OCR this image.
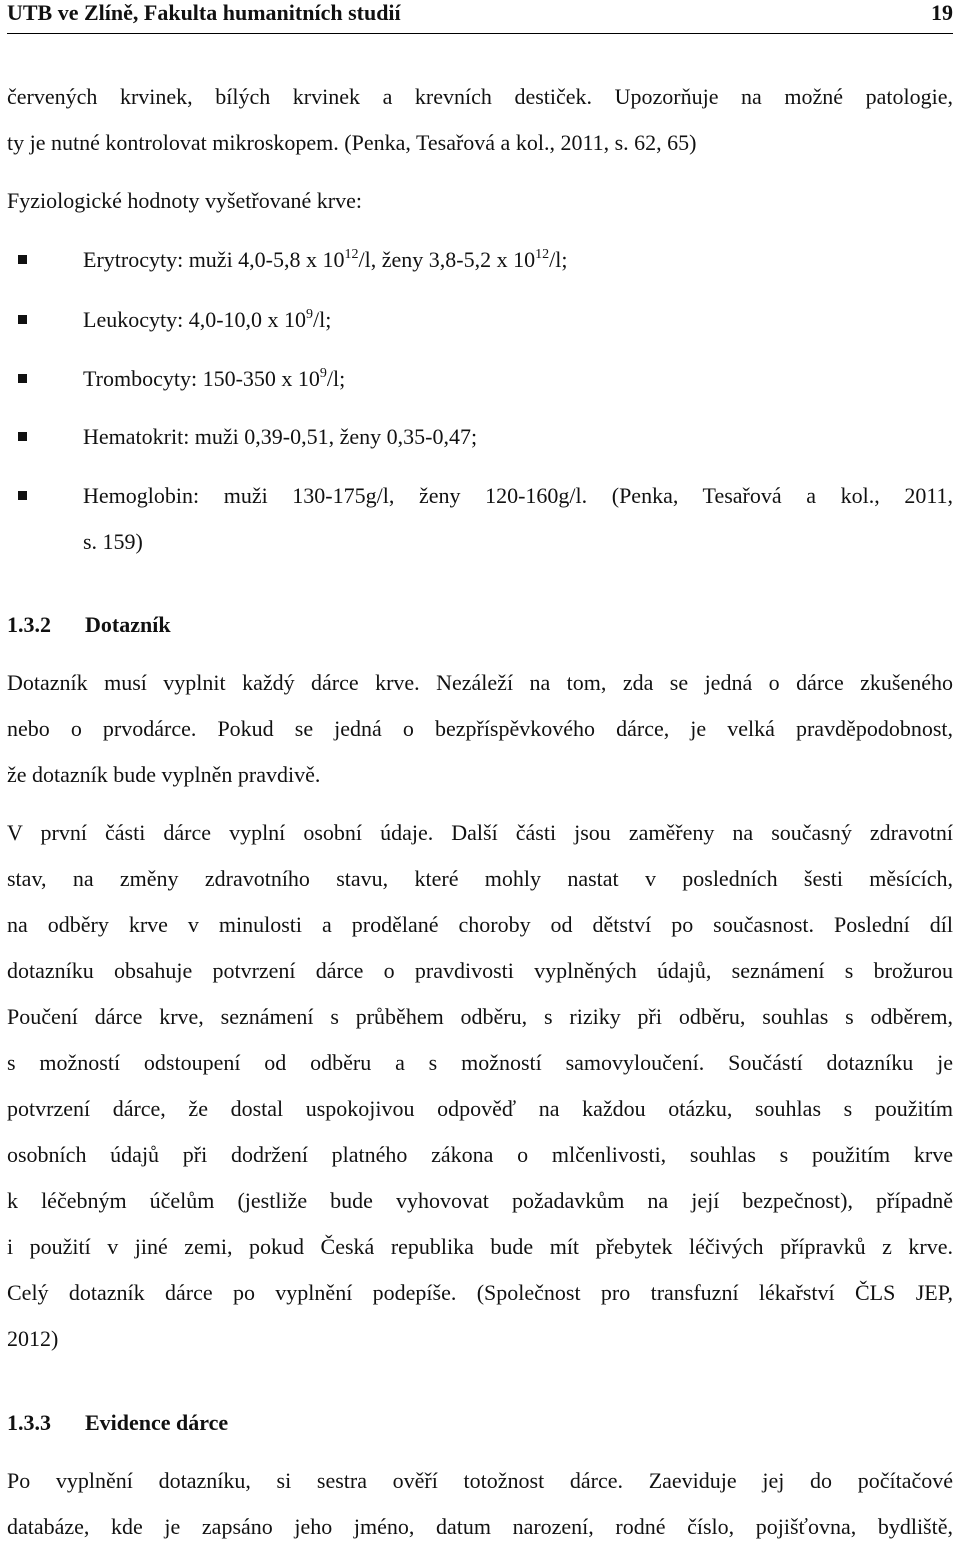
UTB ve Zlíně, Fakulta humanitních studií	19
červených krvinek, bílých krvinek a krevních destiček. Upozorňuje na možné patologie,
ty je nutné kontrolovat mikroskopem. (Penka, Tesařová a kol., 2011, s. 62, 65)
Fyziologické hodnoty vyšetřované krve:
Erytrocyty: muži 4,0-5,8 x $10^{12}/l$, ženy 3,8-5,2 x $10^{12}/l$;
Leukocyty: 4,0-10,0 x $10^9/l$;
Trombocyty: 150-350 x $10^9/l$;
Hematokrit: muži 0,39-0,51, ženy 0,35-0,47;
Hemoglobin: muži 130-175g/l, ženy 120-160g/l. (Penka, Tesařová a kol., 2011,
s. 159)
1.3.2 Dotazník
Dotazník musí vyplnit každý dárce krve. Nezáleží na tom, zda se jedná o dárce zkušeného
nebo o prvodárce. Pokud se jedná o bezpříspěvkového dárce, je velká pravděpodobnost,
že dotazník bude vyplněn pravdivě.
V první části dárce vyplní osobní údaje. Další části jsou zaměřeny na současný zdravotní
stav, na změny zdravotního stavu, které mohly nastat v posledních šesti měsících,
na odběry krve v minulosti a prodělané choroby od dětství po současnost. Poslední díl
dotazníku obsahuje potvrzení dárce o pravdivosti vyplněných údajů, seznámení s brožurou
Poučení dárce krve, seznámení s průběhem odběru, s riziky při odběru, souhlas s odběrem,
s možností odstoupení od odběru a s možností samovyloučení. Součástí dotazníku je
potvrzení dárce, že dostal uspokojivou odpověď na každou otázku, souhlas s použitím
osobních údajů při dodržení platného zákona o mlčenlivosti, souhlas s použitím krve
k léčebným účelům (jestliže bude vyhovovat požadavkům na její bezpečnost), případně
i použití v jiné zemi, pokud Česká republika bude mít přebytek léčivých přípravků z krve.
Celý dotazník dárce po vyplnění podepíše. (Společnost pro transfuzní lékařství ČLS JEP,
2012)
1.3.3 Evidence dárce
Po vyplnění dotazníku, si sestra ověří totožnost dárce. Zaeviduje jej do počítačové
databáze, kde je zapsáno jeho jméno, datum narození, rodné číslo, pojišťovna, bydliště,
